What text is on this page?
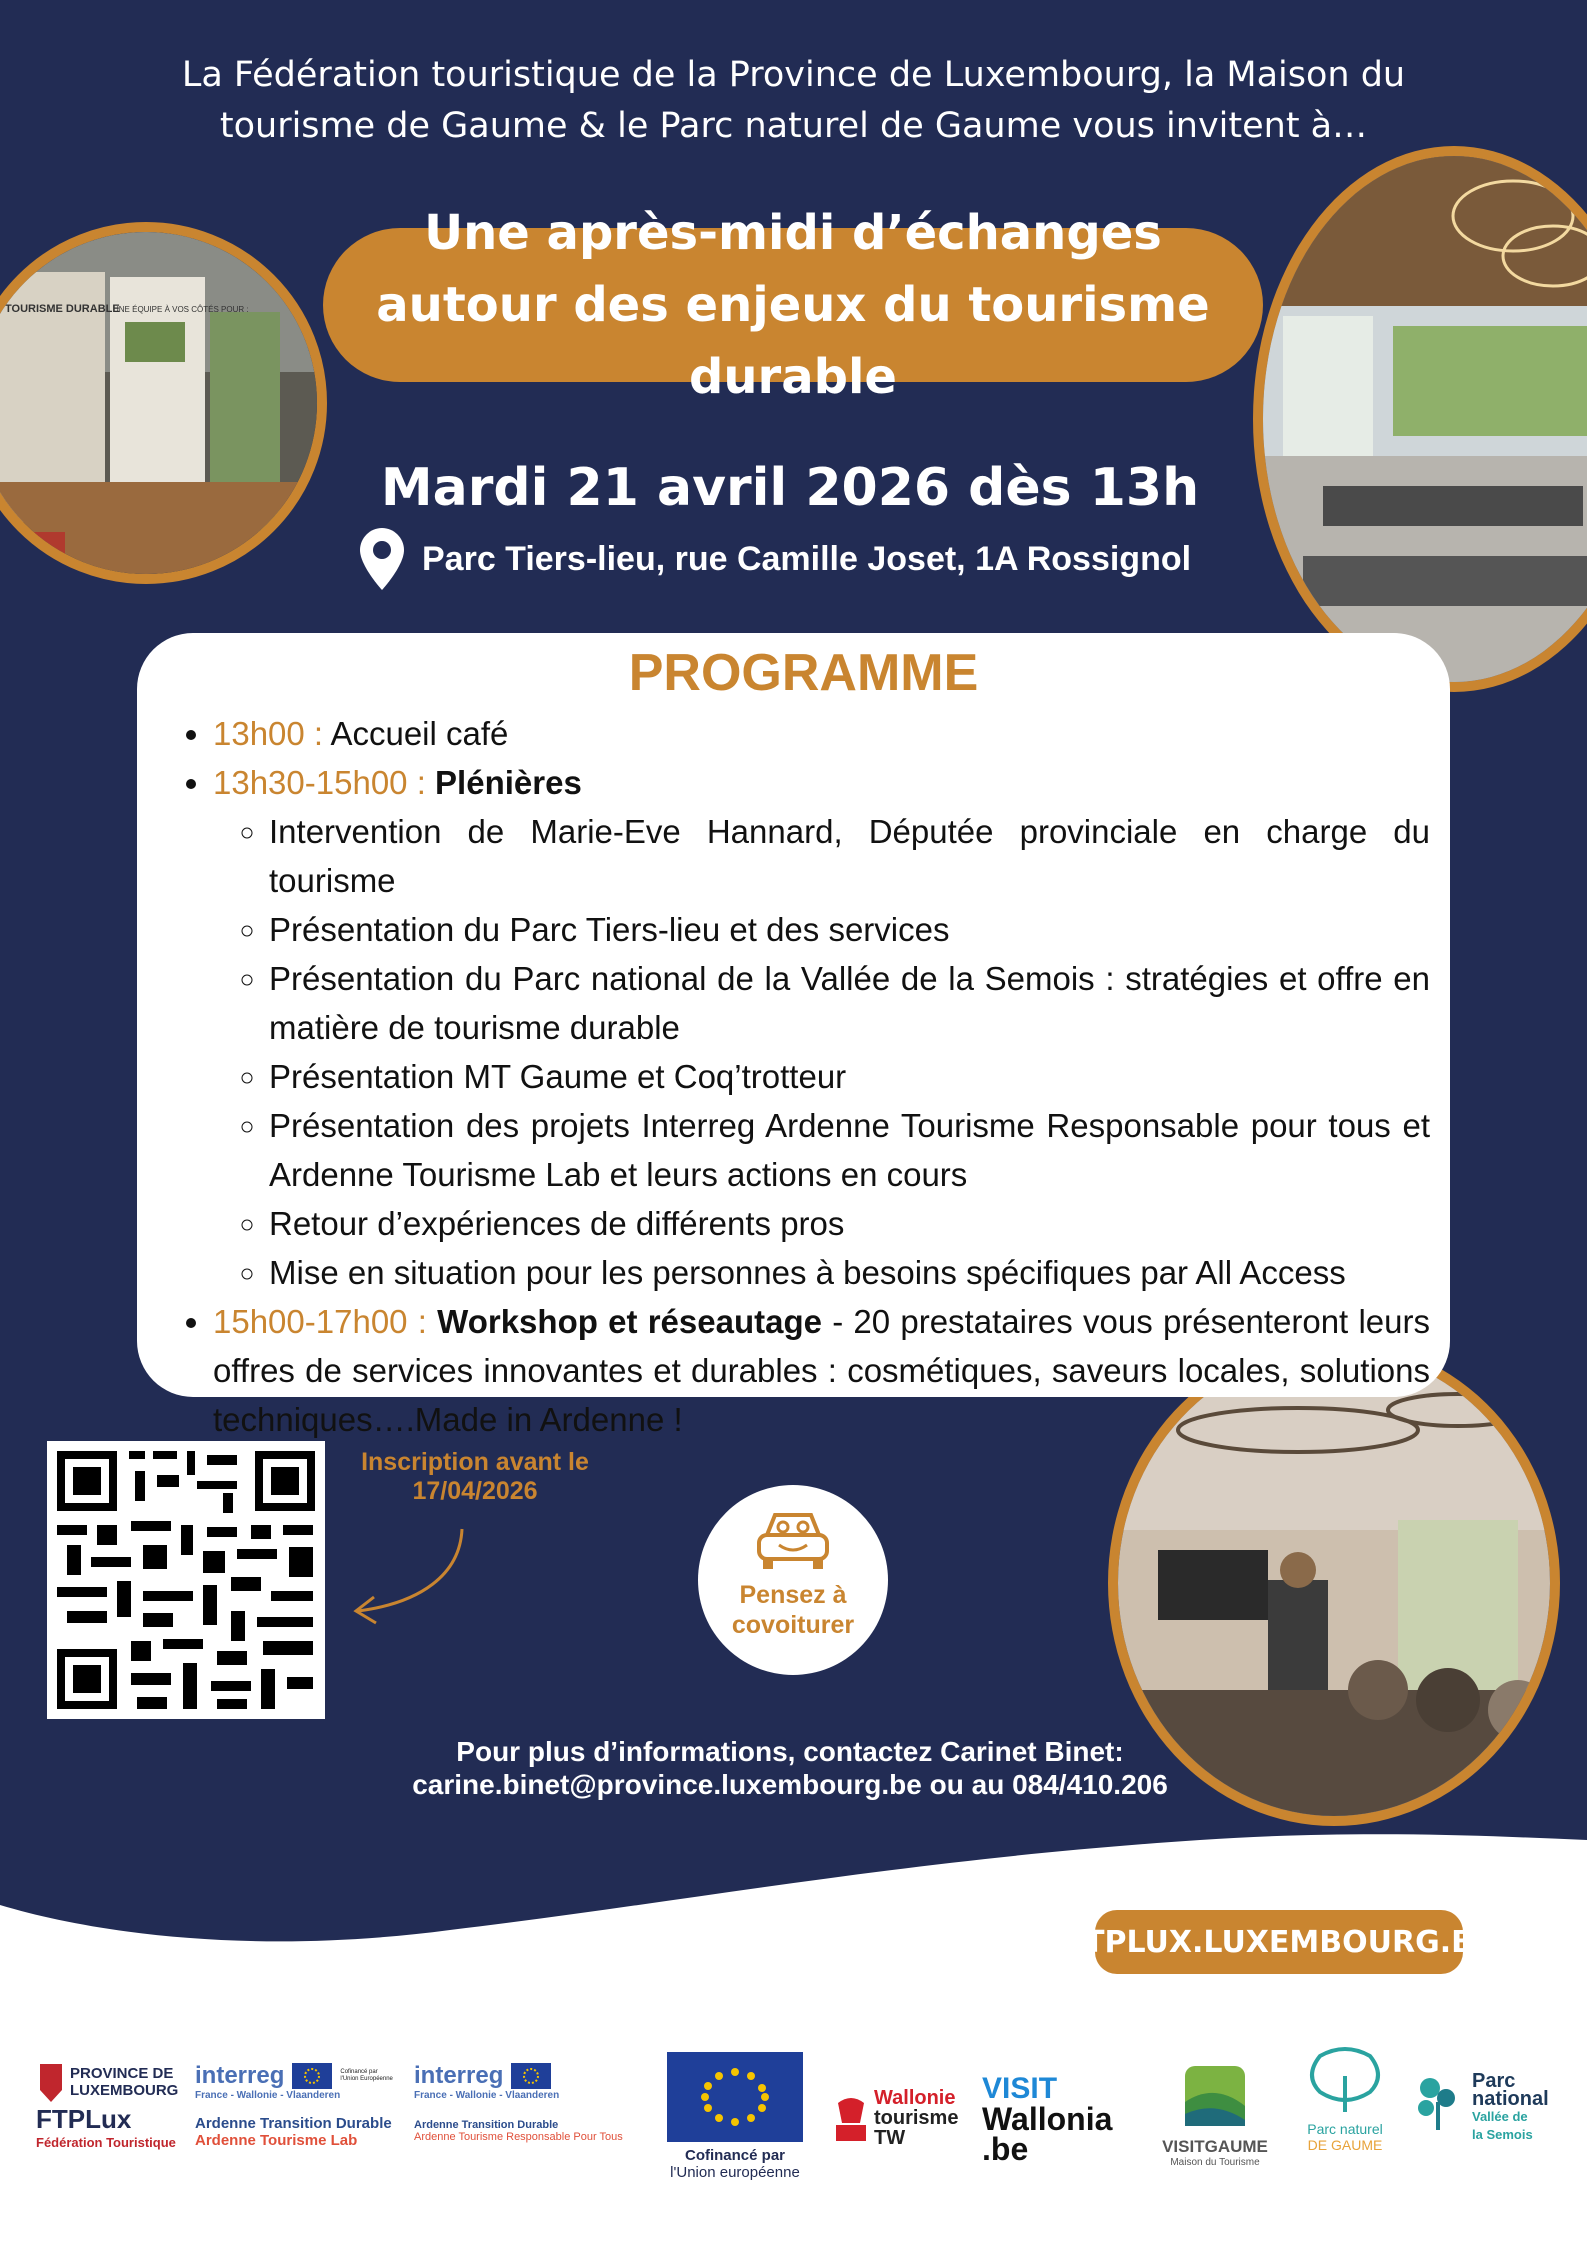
La Fédération touristique de la Province de Luxembourg, la Maison du tourisme de Gaume & le Parc naturel de Gaume vous invitent à…
Une après-midi d’échanges autour des enjeux du tourisme durable
Mardi 21 avril 2026 dès 13h
Parc Tiers-lieu, rue Camille Joset, 1A Rossignol
TOURISME DURABLE
UNE ÉQUIPE À VOS CÔTÉS POUR :
PROGRAMME
• 13h00 : Accueil café
• 13h30-15h00 : Plénières
◦ Intervention de Marie-Eve Hannard, Députée provinciale en charge du tourisme
◦ Présentation du Parc Tiers-lieu et des services
◦ Présentation du Parc national de la Vallée de la Semois : stratégies et offre en matière de tourisme durable
◦ Présentation MT Gaume et Coq’trotteur
◦ Présentation des projets Interreg Ardenne Tourisme Responsable pour tous et Ardenne Tourisme Lab et leurs actions en cours
◦ Retour d’expériences de différents pros
◦ Mise en situation pour les personnes à besoins spécifiques par All Access
• 15h00-17h00 : Workshop et réseautage - 20 prestataires vous présenteront leurs offres de services innovantes et durables : cosmétiques, saveurs locales, solutions techniques….Made in Ardenne !
Inscription avant le
17/04/2026
Pensez à
covoiturer
Pour plus d’informations, contactez Carinet Binet:
carine.binet@province.luxembourg.be ou au 084/410.206
FTPLUX.LUXEMBOURG.BE
PROVINCE DE
LUXEMBOURG
FTPLux
Fédération Touristique
interreg	Cofinancé par l'Union Européenne
France - Wallonie - Vlaanderen
Ardenne Transition Durable
Ardenne Tourisme Lab
interreg
France - Wallonie - Vlaanderen
Ardenne Transition Durable
Ardenne Tourisme Responsable Pour Tous
Cofinancé par
l'Union européenne
Wallonie
tourisme
TW
VISIT
Wallonia
.be	VISITGAUME
Maison du Tourisme
Parc naturel
DE GAUME
Parc
national
Vallée de
la Semois
